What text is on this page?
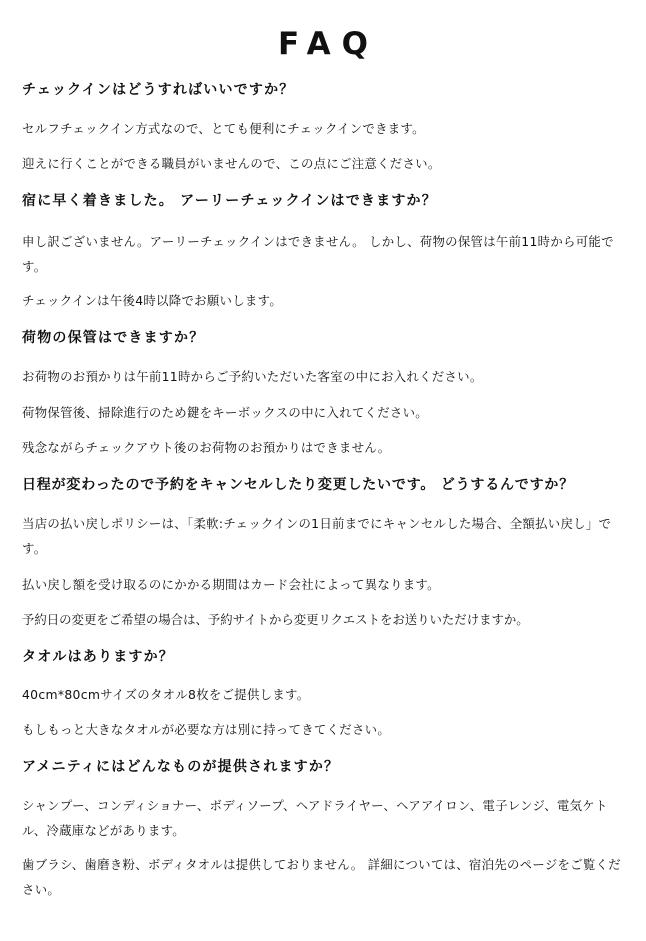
FAQ
チェックインはどうすればいいですか？
セルフチェックイン方式なので、とても便利にチェックインできます。
迎えに行くことができる職員がいませんので、この点にご注意ください。
宿に早く着きました。 アーリーチェックインはできますか？
申し訳ございません。アーリーチェックインはできません。 しかし、荷物の保管は午前11時から可能です。
チェックインは午後4時以降でお願いします。
荷物の保管はできますか？
お荷物のお預かりは午前11時からご予約いただいた客室の中にお入れください。
荷物保管後、掃除進行のため鍵をキーボックスの中に入れてください。
残念ながらチェックアウト後のお荷物のお預かりはできません。
日程が変わったので予約をキャンセルしたり変更したいです。 どうするんですか？
当店の払い戻しポリシーは、「柔軟:チェックインの1日前までにキャンセルした場合、全額払い戻し」です。
払い戻し額を受け取るのにかかる期間はカード会社によって異なります。
予約日の変更をご希望の場合は、予約サイトから変更リクエストをお送りいただけますか。
タオルはありますか？
40cm*80cmサイズのタオル8枚をご提供します。
もしもっと大きなタオルが必要な方は別に持ってきてください。
アメニティにはどんなものが提供されますか？
シャンプー、コンディショナー、ボディソープ、ヘアドライヤー、ヘアアイロン、電子レンジ、電気ケトル、冷蔵庫などがあります。
歯ブラシ、歯磨き粉、ボディタオルは提供しておりません。 詳細については、宿泊先のページをご覧ください。
